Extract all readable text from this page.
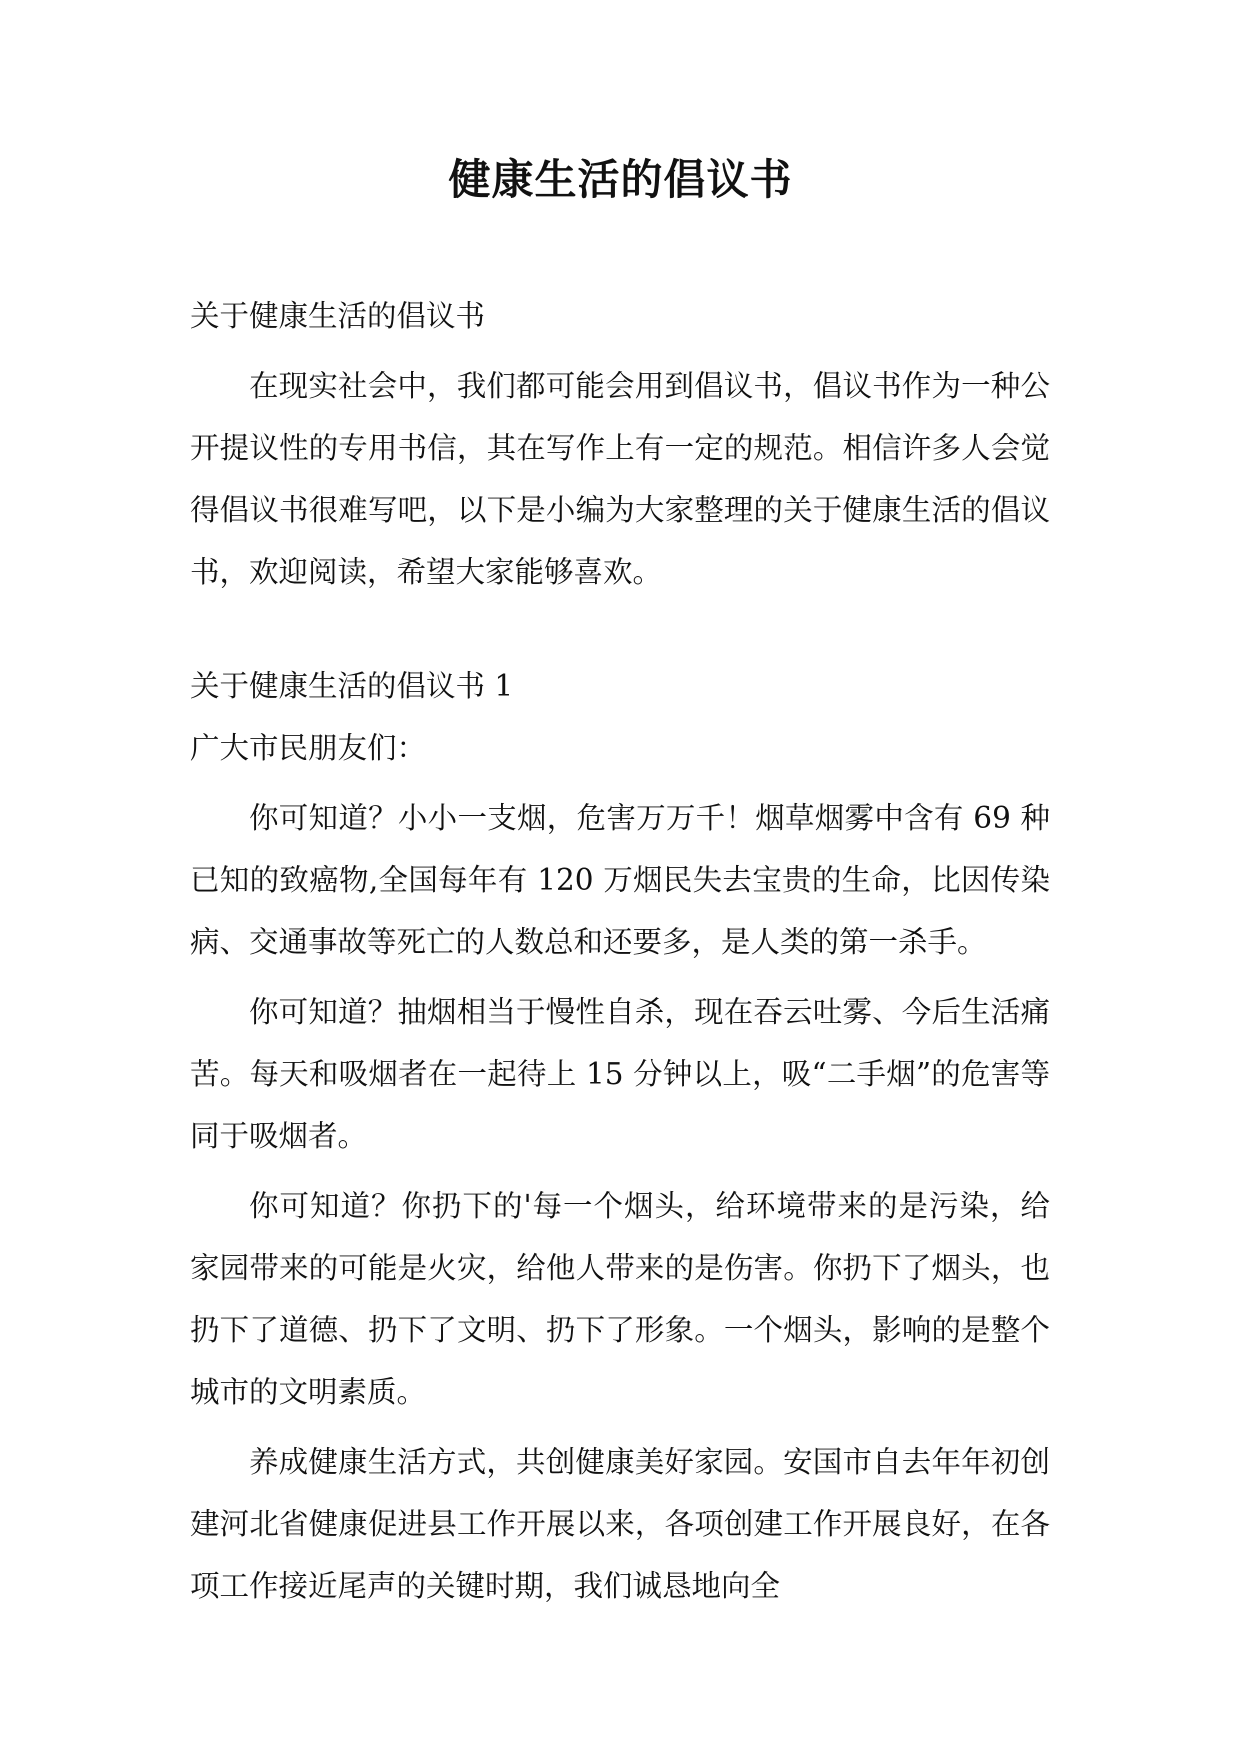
健康生活的倡议书

关于健康生活的倡议书

在现实社会中，我们都可能会用到倡议书，倡议书作为一种公开提议性的专用书信，其在写作上有一定的规范。相信许多人会觉得倡议书很难写吧，以下是小编为大家整理的关于健康生活的倡议书，欢迎阅读，希望大家能够喜欢。

关于健康生活的倡议书 1

广大市民朋友们：

你可知道？小小一支烟，危害万万千！烟草烟雾中含有 69 种已知的致癌物,全国每年有 120 万烟民失去宝贵的生命，比因传染病、交通事故等死亡的人数总和还要多，是人类的第一杀手。

你可知道？抽烟相当于慢性自杀，现在吞云吐雾、今后生活痛苦。每天和吸烟者在一起待上 15 分钟以上，吸“二手烟”的危害等同于吸烟者。

你可知道？你扔下的'每一个烟头，给环境带来的是污染，给家园带来的可能是火灾，给他人带来的是伤害。你扔下了烟头，也扔下了道德、扔下了文明、扔下了形象。一个烟头，影响的是整个城市的文明素质。

养成健康生活方式，共创健康美好家园。安国市自去年年初创建河北省健康促进县工作开展以来，各项创建工作开展良好，在各项工作接近尾声的关键时期，我们诚恳地向全
